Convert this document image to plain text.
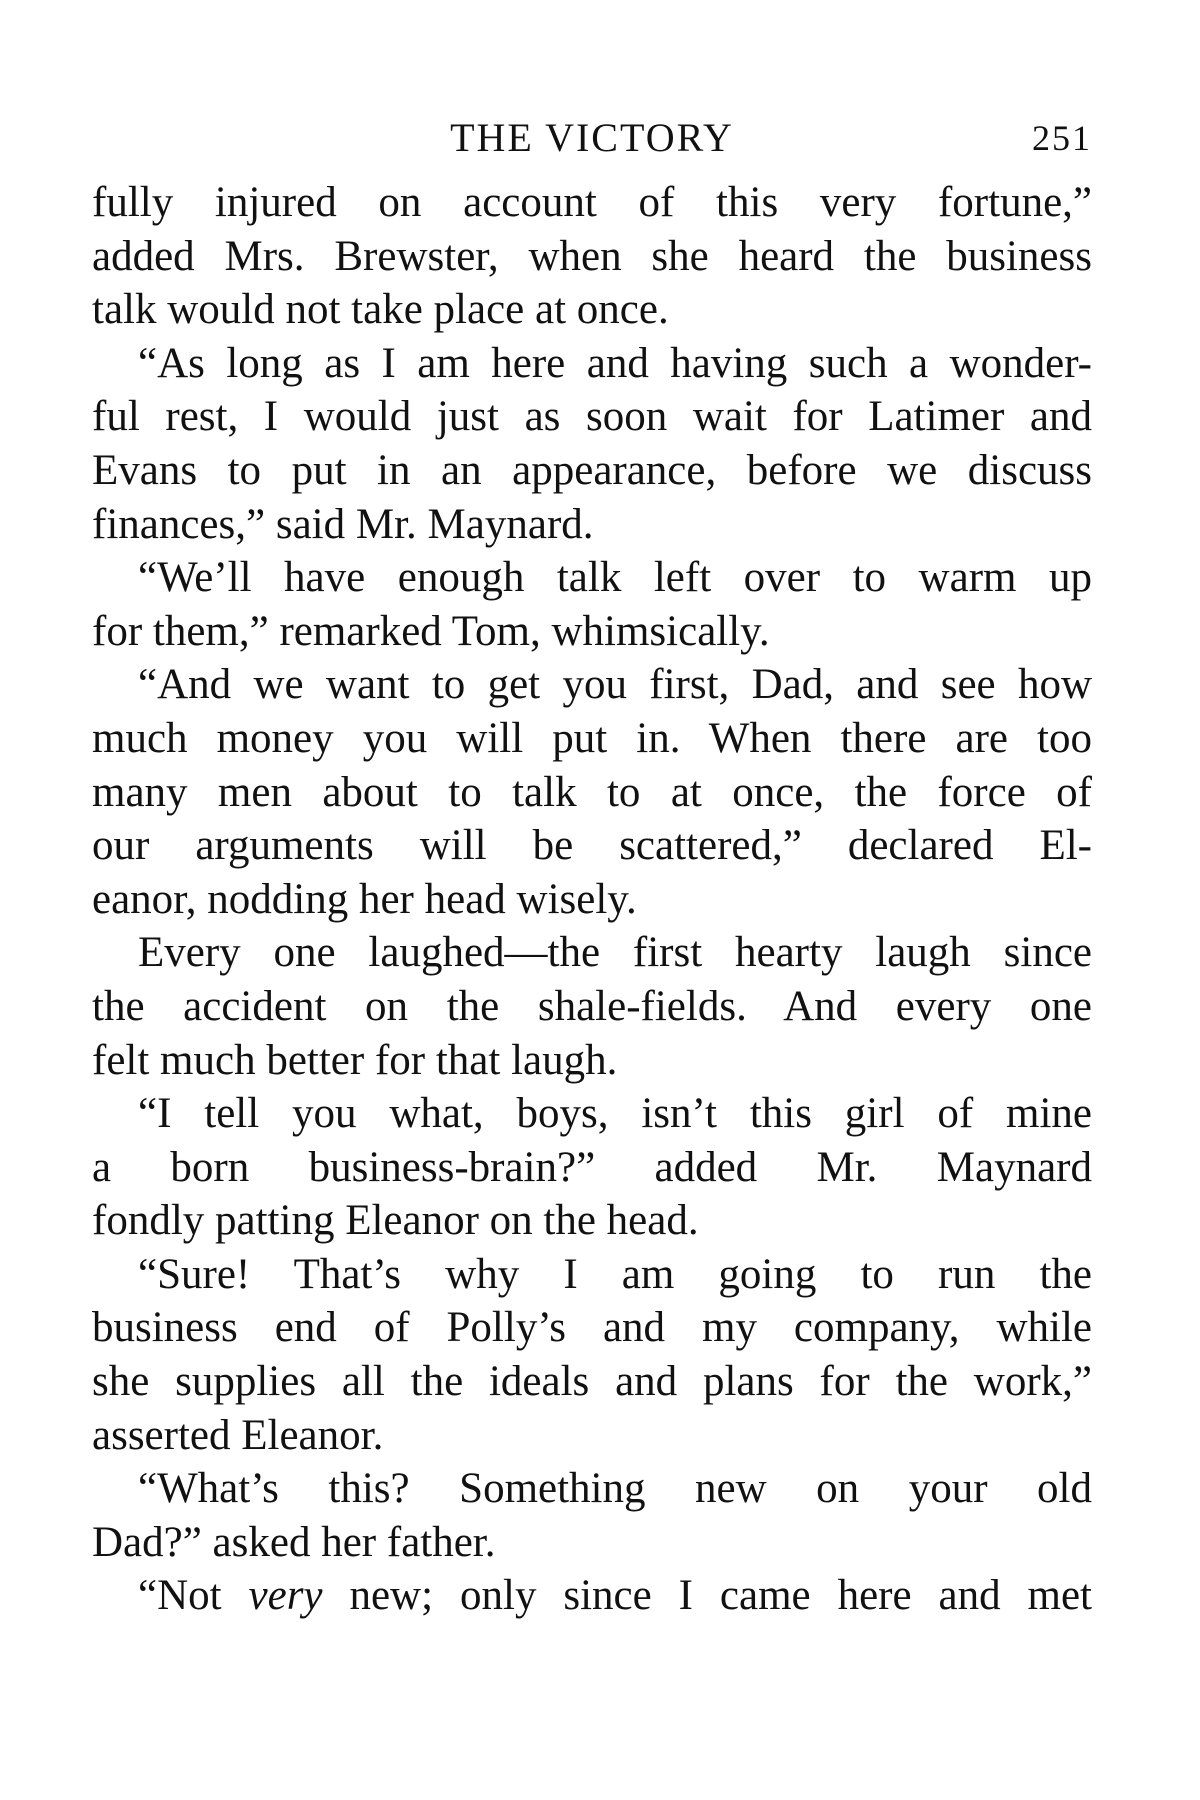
THE VICTORY	251
fully injured on account of this very fortune,”
added Mrs. Brewster, when she heard the business
talk would not take place at once.
“As long as I am here and having such a wonder-
ful rest, I would just as soon wait for Latimer and
Evans to put in an appearance, before we discuss
finances,” said Mr. Maynard.
“We’ll have enough talk left over to warm up
for them,” remarked Tom, whimsically.
“And we want to get you first, Dad, and see how
much money you will put in. When there are too
many men about to talk to at once, the force of
our arguments will be scattered,” declared El-
eanor, nodding her head wisely.
Every one laughed—the first hearty laugh since
the accident on the shale-fields. And every one
felt much better for that laugh.
“I tell you what, boys, isn’t this girl of mine
a born business-brain?” added Mr. Maynard
fondly patting Eleanor on the head.
“Sure! That’s why I am going to run the
business end of Polly’s and my company, while
she supplies all the ideals and plans for the work,”
asserted Eleanor.
“What’s this? Something new on your old
Dad?” asked her father.
“Not very new; only since I came here and met
